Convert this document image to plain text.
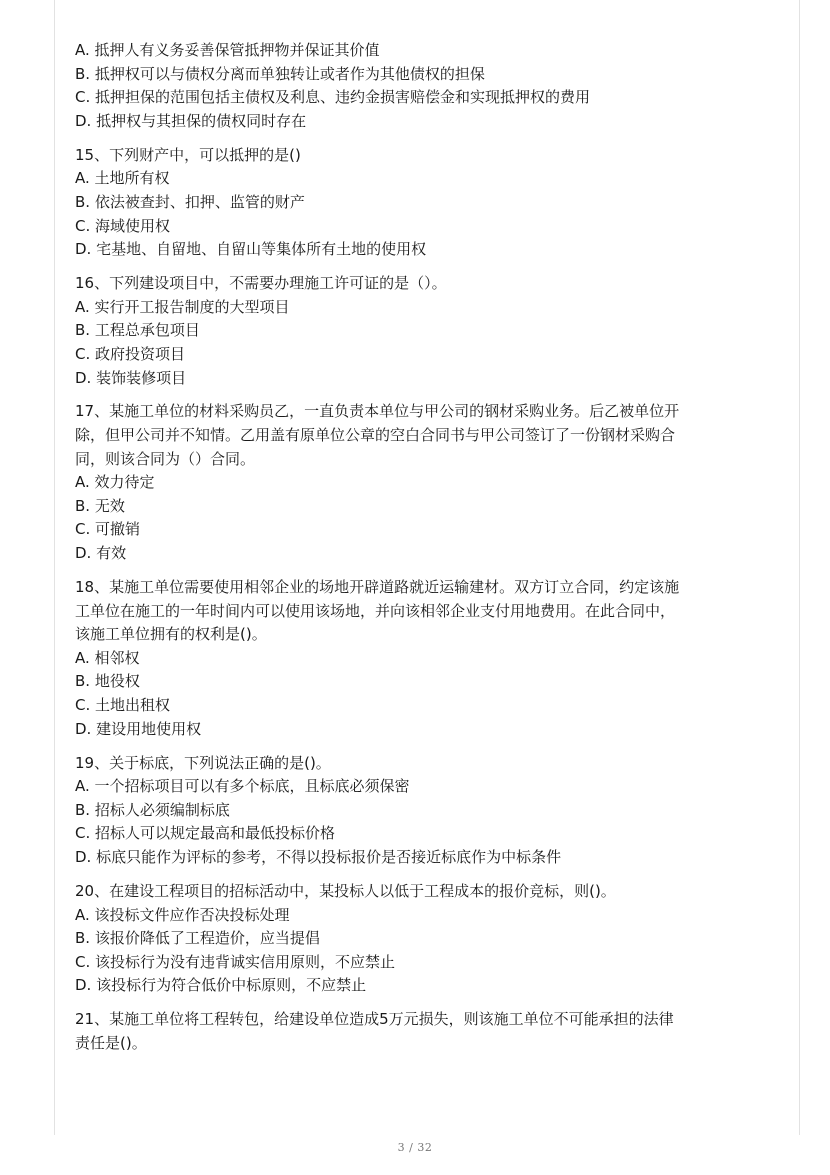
A. 抵押人有义务妥善保管抵押物并保证其价值
B. 抵押权可以与债权分离而单独转让或者作为其他债权的担保
C. 抵押担保的范围包括主债权及利息、违约金损害赔偿金和实现抵押权的费用
D. 抵押权与其担保的债权同时存在
15、下列财产中，可以抵押的是()
A. 土地所有权
B. 依法被查封、扣押、监管的财产
C. 海域使用权
D. 宅基地、自留地、自留山等集体所有土地的使用权
16、下列建设项目中，不需要办理施工许可证的是（）。
A. 实行开工报告制度的大型项目
B. 工程总承包项目
C. 政府投资项目
D. 装饰装修项目
17、某施工单位的材料采购员乙，一直负责本单位与甲公司的钢材采购业务。后乙被单位开
除，但甲公司并不知情。乙用盖有原单位公章的空白合同书与甲公司签订了一份钢材采购合
同，则该合同为（）合同。
A. 效力待定
B. 无效
C. 可撤销
D. 有效
18、某施工单位需要使用相邻企业的场地开辟道路就近运输建材。双方订立合同，约定该施
工单位在施工的一年时间内可以使用该场地，并向该相邻企业支付用地费用。在此合同中，
该施工单位拥有的权利是()。
A. 相邻权
B. 地役权
C. 土地出租权
D. 建设用地使用权
19、关于标底，下列说法正确的是()。
A. 一个招标项目可以有多个标底，且标底必须保密
B. 招标人必须编制标底
C. 招标人可以规定最高和最低投标价格
D. 标底只能作为评标的参考，不得以投标报价是否接近标底作为中标条件
20、在建设工程项目的招标活动中，某投标人以低于工程成本的报价竞标，则()。
A. 该投标文件应作否决投标处理
B. 该报价降低了工程造价，应当提倡
C. 该投标行为没有违背诚实信用原则，不应禁止
D. 该投标行为符合低价中标原则，不应禁止
21、某施工单位将工程转包，给建设单位造成5万元损失，则该施工单位不可能承担的法律
责任是()。
3 / 32
